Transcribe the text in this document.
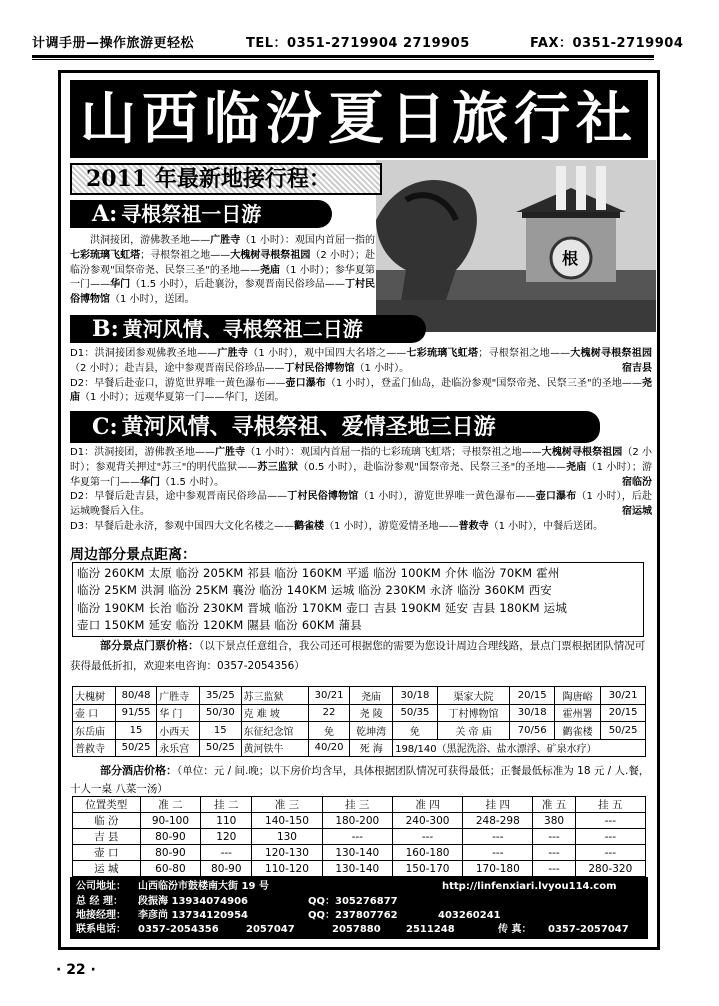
计调手册—操作旅游更轻松	TEL：0351-2719904 2719905	FAX：0351-2719904
山西临汾夏日旅行社
根
2011 年最新地接行程：
A: 寻根祭祖一日游
洪洞接团，游佛教圣地——广胜寺（1 小时）：观国内首屈一指的七彩琉璃飞虹塔；寻根祭祖之地——大槐树寻根祭祖园（2 小时）；赴临汾参观"国祭帝尧、民祭三圣"的圣地——尧庙（1 小时）；参华夏第一门——华门（1.5 小时），后赴襄汾，参观晋南民俗珍品——丁村民俗博物馆（1 小时），送团。
B: 黄河风情、寻根祭祖二日游
D1：洪洞接团参观佛教圣地——广胜寺（1 小时），观中国四大名塔之——七彩琉璃飞虹塔；寻根祭祖之地——大槐树寻根祭祖园（2 小时）；赴吉县，途中参观晋南民俗珍品——丁村民俗博物馆（1 小时）。	宿吉县
D2：早餐后赴壶口，游览世界唯一黄色瀑布——壶口瀑布（1 小时），登孟门仙岛，赴临汾参观"国祭帝尧、民祭三圣"的圣地——尧庙（1 小时）；远观华夏第一门——华门，送团。
C: 黄河风情、寻根祭祖、爱情圣地三日游
D1：洪洞接团，游佛教圣地——广胜寺（1 小时）：观国内首屈一指的七彩琉璃飞虹塔；寻根祭祖之地——大槐树寻根祭祖园（2 小时）；参观背关押过"苏三"的明代监狱——苏三监狱（0.5 小时），赴临汾参观"国祭帝尧、民祭三圣"的圣地——尧庙（1 小时）；游华夏第一门——华门（1.5 小时）。	宿临汾
D2：早餐后赴吉县，途中参观晋南民俗珍品——丁村民俗博物馆（1 小时），游览世界唯一黄色瀑布——壶口瀑布（1 小时），后赴运城晚餐后入住。	宿运城
D3：早餐后赴永济，参观中国四大文化名楼之——鹳雀楼（1 小时），游览爱情圣地——普救寺（1 小时），中餐后送团。
周边部分景点距离：
临汾 260KM 太原 临汾 205KM 祁县 临汾 160KM 平遥 临汾 100KM 介休 临汾 70KM 霍州
临汾 25KM 洪洞 临汾 25KM 襄汾 临汾 140KM 运城 临汾 230KM 永济 临汾 360KM 西安
临汾 190KM 长治 临汾 230KM 晋城 临汾 170KM 壶口 吉县 190KM 延安 吉县 180KM 运城
壶口 150KM 延安 临汾 120KM 隰县 临汾 60KM 蒲县
部分景点门票价格：（以下景点任意组合，我公司还可根据您的需要为您设计周边合理线路，景点门票根据团队情况可获得最低折扣，欢迎来电咨询：0357-2054356）
大槐树	80/48	广胜寺	35/25	苏三监狱	30/21	尧庙	30/18	渠家大院	20/15	陶唐峪	30/21
壶 口	91/55	华 门	50/30	克 难 坡	22	尧 陵	50/35	丁村博物馆	30/18	霍州署	20/15
东岳庙	15	小西天	15	东征纪念馆	免	乾坤湾	免	关 帝 庙	70/56	鹳雀楼	50/25
普救寺	50/25	永乐宫	50/25	黄河铁牛	40/20	死 海	198/140（黑泥洗浴、盐水漂浮、矿泉水疗）				
部分酒店价格：（单位：元 / 间.晚；以下房价均含早，具体根据团队情况可获得最低；正餐最低标准为 18 元 / 人.餐，十人一桌 八菜一汤）
位置类型	准 二	挂 二	准 三	挂 三	准 四	挂 四	准 五	挂 五
临 汾	90-100	110	140-150	180-200	240-300	248-298	380	---
吉 县	80-90	120	130	---	---	---	---	---
壶 口	80-90	---	120-130	130-140	160-180	---	---	---
运 城	60-80	80-90	110-120	130-140	150-170	170-180	---	280-320
公司地址： 山西临汾市鼓楼南大街 19 号	http://linfenxiari.lvyou114.com
总 经 理： 段振海 13934074906	QQ：305276877
地接经理： 李彦尚 13734120954	QQ：237807762	403260241
联系电话： 0357-2054356	2057047	2057880	2511248	传 真： 0357-2057047
· 22 ·
